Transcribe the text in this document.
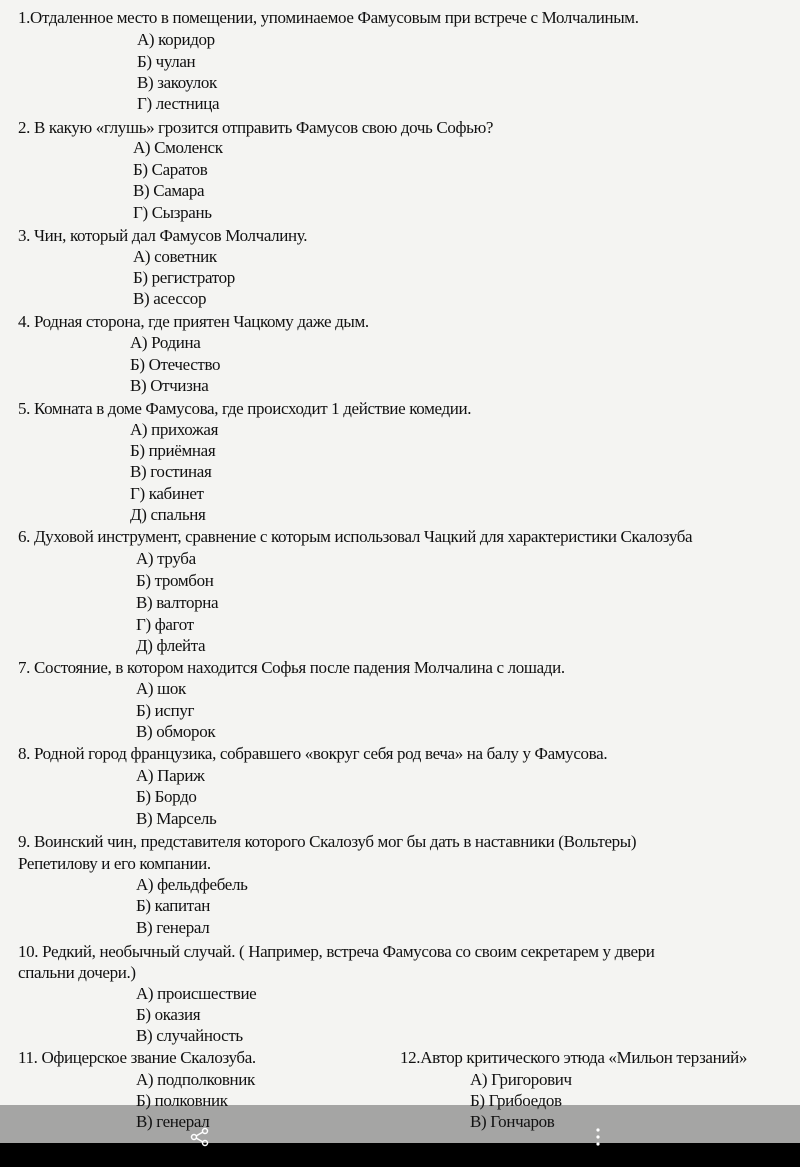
1.Отдаленное место в помещении, упоминаемое Фамусовым при встрече с Молчалиным.
А) коридор
Б) чулан
В) закоулок
Г) лестница
2. В какую «глушь» грозится отправить Фамусов свою дочь Софью?
А) Смоленск
Б) Саратов
В) Самара
Г) Сызрань
3. Чин, который дал Фамусов Молчалину.
А) советник
Б) регистратор
В) асессор
4. Родная сторона, где приятен Чацкому даже дым.
А) Родина
Б) Отечество
В) Отчизна
5. Комната в доме Фамусова, где происходит 1 действие комедии.
А) прихожая
Б) приёмная
В) гостиная
Г) кабинет
Д) спальня
6. Духовой инструмент, сравнение с которым использовал Чацкий для характеристики Скалозуба
А) труба
Б) тромбон
В) валторна
Г) фагот
Д) флейта
7. Состояние, в котором находится Софья после падения Молчалина с лошади.
А) шок
Б) испуг
В) обморок
8. Родной город французика, собравшего «вокруг себя род веча» на балу у Фамусова.
А) Париж
Б) Бордо
В) Марсель
9. Воинский чин, представителя которого Скалозуб мог бы дать в наставники (Вольтеры)
Репетилову и его компании.
А) фельдфебель
Б) капитан
В) генерал
10. Редкий, необычный случай. ( Например, встреча Фамусова со своим секретарем у двери
спальни дочери.)
А) происшествие
Б) оказия
В) случайность
11. Офицерское звание Скалозуба.
А) подполковник
Б) полковник
В) генерал
12.Автор критического этюда «Мильон терзаний»
А) Григорович
Б) Грибоедов
В) Гончаров
